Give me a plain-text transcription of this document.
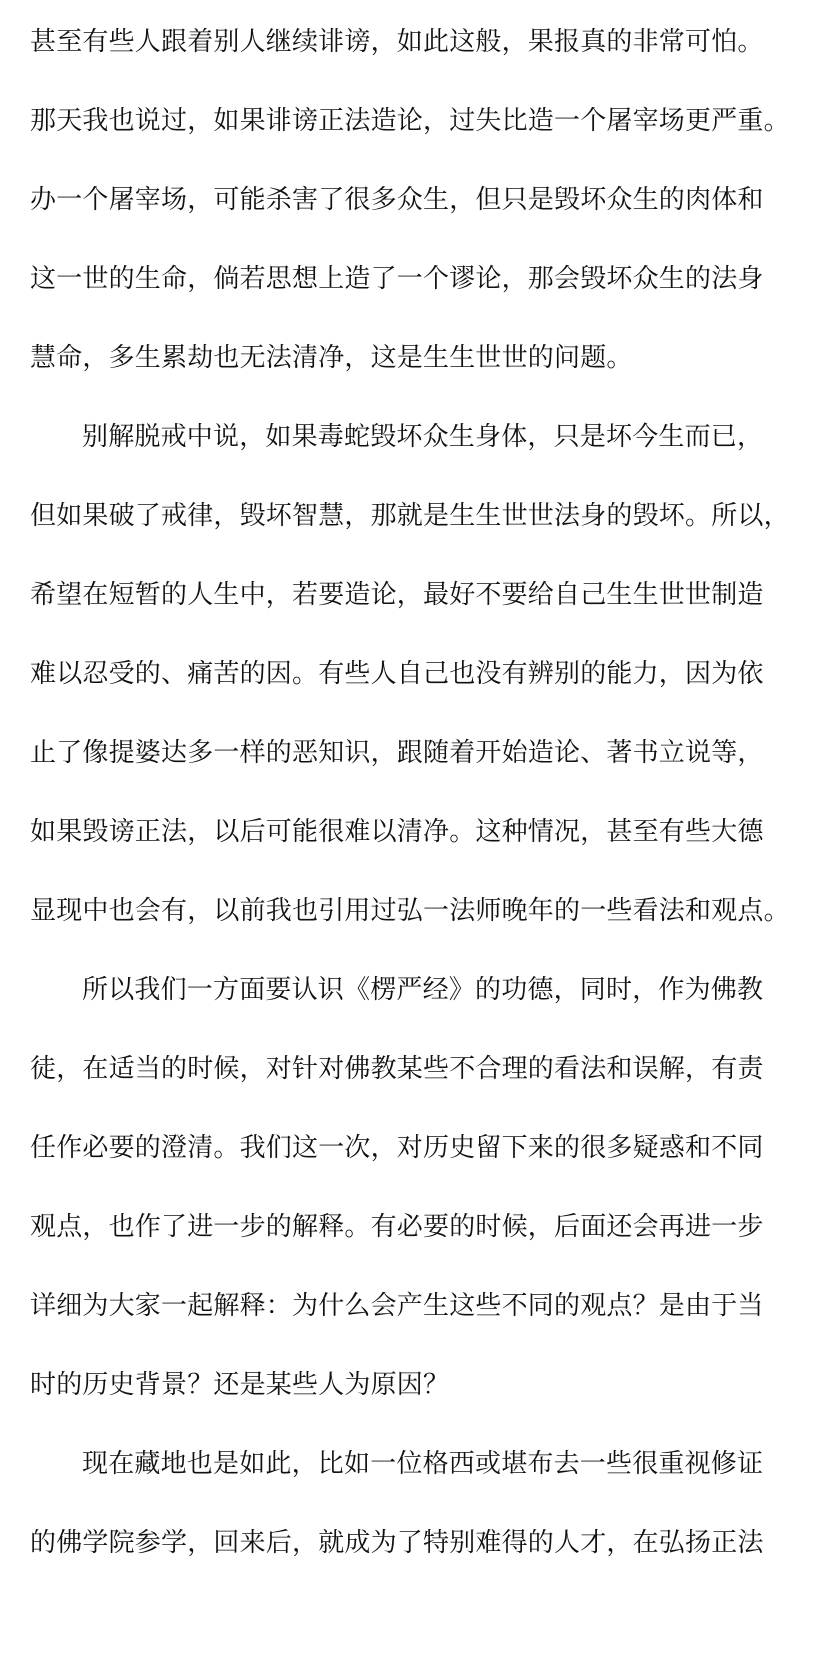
甚至有些人跟着别人继续诽谤，如此这般，果报真的非常可怕。
那天我也说过，如果诽谤正法造论，过失比造一个屠宰场更严重。
办一个屠宰场，可能杀害了很多众生，但只是毁坏众生的肉体和
这一世的生命，倘若思想上造了一个谬论，那会毁坏众生的法身
慧命，多生累劫也无法清净，这是生生世世的问题。
别解脱戒中说，如果毒蛇毁坏众生身体，只是坏今生而已，
但如果破了戒律，毁坏智慧，那就是生生世世法身的毁坏。所以，
希望在短暂的人生中，若要造论，最好不要给自己生生世世制造
难以忍受的、痛苦的因。有些人自己也没有辨别的能力，因为依
止了像提婆达多一样的恶知识，跟随着开始造论、著书立说等，
如果毁谤正法，以后可能很难以清净。这种情况，甚至有些大德
显现中也会有，以前我也引用过弘一法师晚年的一些看法和观点。
所以我们一方面要认识《楞严经》的功德，同时，作为佛教
徒，在适当的时候，对针对佛教某些不合理的看法和误解，有责
任作必要的澄清。我们这一次，对历史留下来的很多疑惑和不同
观点，也作了进一步的解释。有必要的时候，后面还会再进一步
详细为大家一起解释：为什么会产生这些不同的观点？是由于当
时的历史背景？还是某些人为原因？
现在藏地也是如此，比如一位格西或堪布去一些很重视修证
的佛学院参学，回来后，就成为了特别难得的人才，在弘扬正法
